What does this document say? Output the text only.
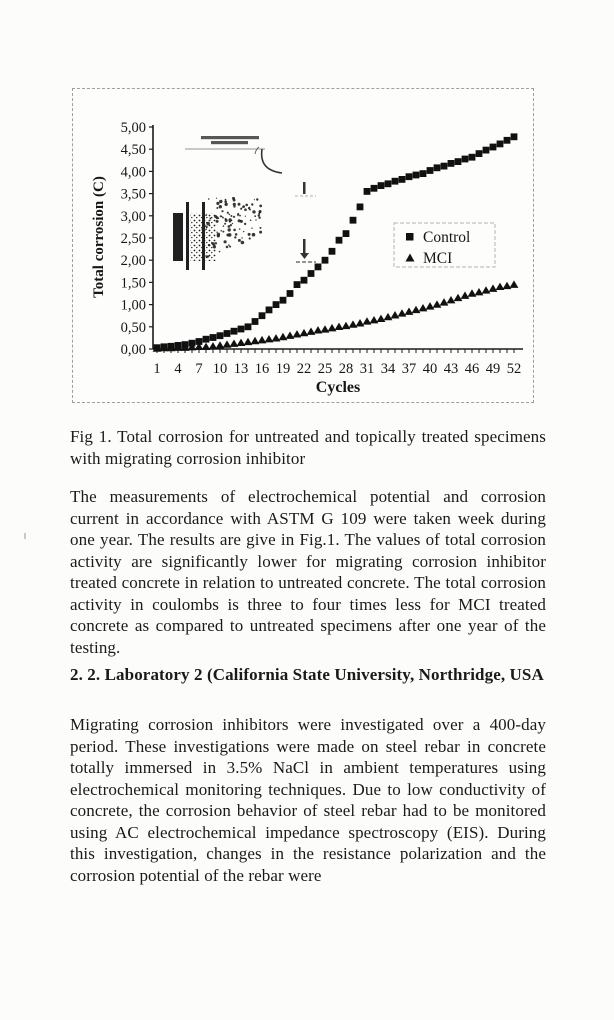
0,00
0,50
1,00
1,50
2,00
2,50
3,00
3,50
4,00
4,50
5,00
1 4 7 10 13 16 19 22 25 28 31 34 37 40 43 46 49 52
Cycles
Total corrosion (C)	Control
MCI
Fig 1. Total corrosion for untreated and topically treated specimens with migrating corrosion inhibitor
The measurements of electrochemical potential and corrosion current in accordance with ASTM G 109 were taken week during one year. The results are give in Fig.1. The values of total corrosion activity are significantly lower for migrating corrosion inhibitor treated concrete in relation to untreated concrete. The total corrosion activity in coulombs is three to four times less for MCI treated concrete as compared to untreated specimens after one year of the testing.
2. 2. Laboratory 2 (California State University, Northridge, USA
Migrating corrosion inhibitors were investigated over a 400-day period. These investigations were made on steel rebar in concrete totally immersed in 3.5% NaCl in ambient temperatures using electrochemical monitoring techniques. Due to low conductivity of concrete, the corrosion behavior of steel rebar had to be monitored using AC electrochemical impedance spectroscopy (EIS). During this investigation, changes in the resistance polarization and the corrosion potential of the rebar were
